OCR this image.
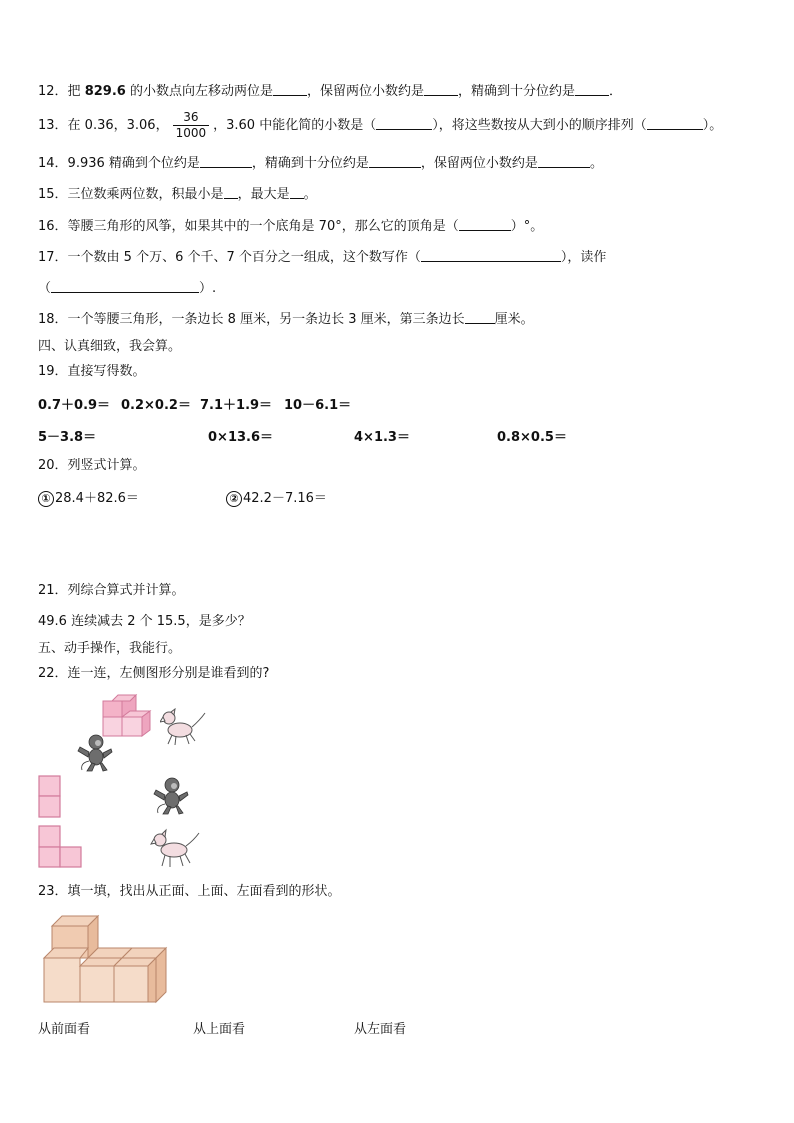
12．把 829.6 的小数点向左移动两位是	，保留两位小数约是	，精确到十分位约是	．
13．在 0.36，3.06， $\frac{36}{1000}$ ，3.60 中能化简的小数是（	），将这些数按从大到小的顺序排列（	）。
14．9.936 精确到个位约是	，精确到十分位约是	，保留两位小数约是	。
15．三位数乘两位数，积最小是 ，最大是 。
16．等腰三角形的风筝，如果其中的一个底角是 70°，那么它的顶角是（	）°。
17．一个数由 5 个万、6 个千、7 个百分之一组成，这个数写作（	），读作
（	）.
18．一个等腰三角形，一条边长 8 厘米，另一条边长 3 厘米，第三条边长 厘米。
四、认真细致，我会算。
19．直接写得数。
0.7＋0.9＝ 0.2×0.2＝ 7.1＋1.9＝ 10－6.1＝
5－3.8＝	0×13.6＝	4×1.3＝	0.8×0.5＝
20．列竖式计算。
① 28.4＋82.6＝	② 42.2－7.16＝
21．列综合算式并计算。
49.6 连续减去 2 个 15.5，是多少？
五、动手操作，我能行。
22．连一连，左侧图形分别是谁看到的?
23．填一填，找出从正面、上面、左面看到的形状。
从前面看	从上面看	从左面看
